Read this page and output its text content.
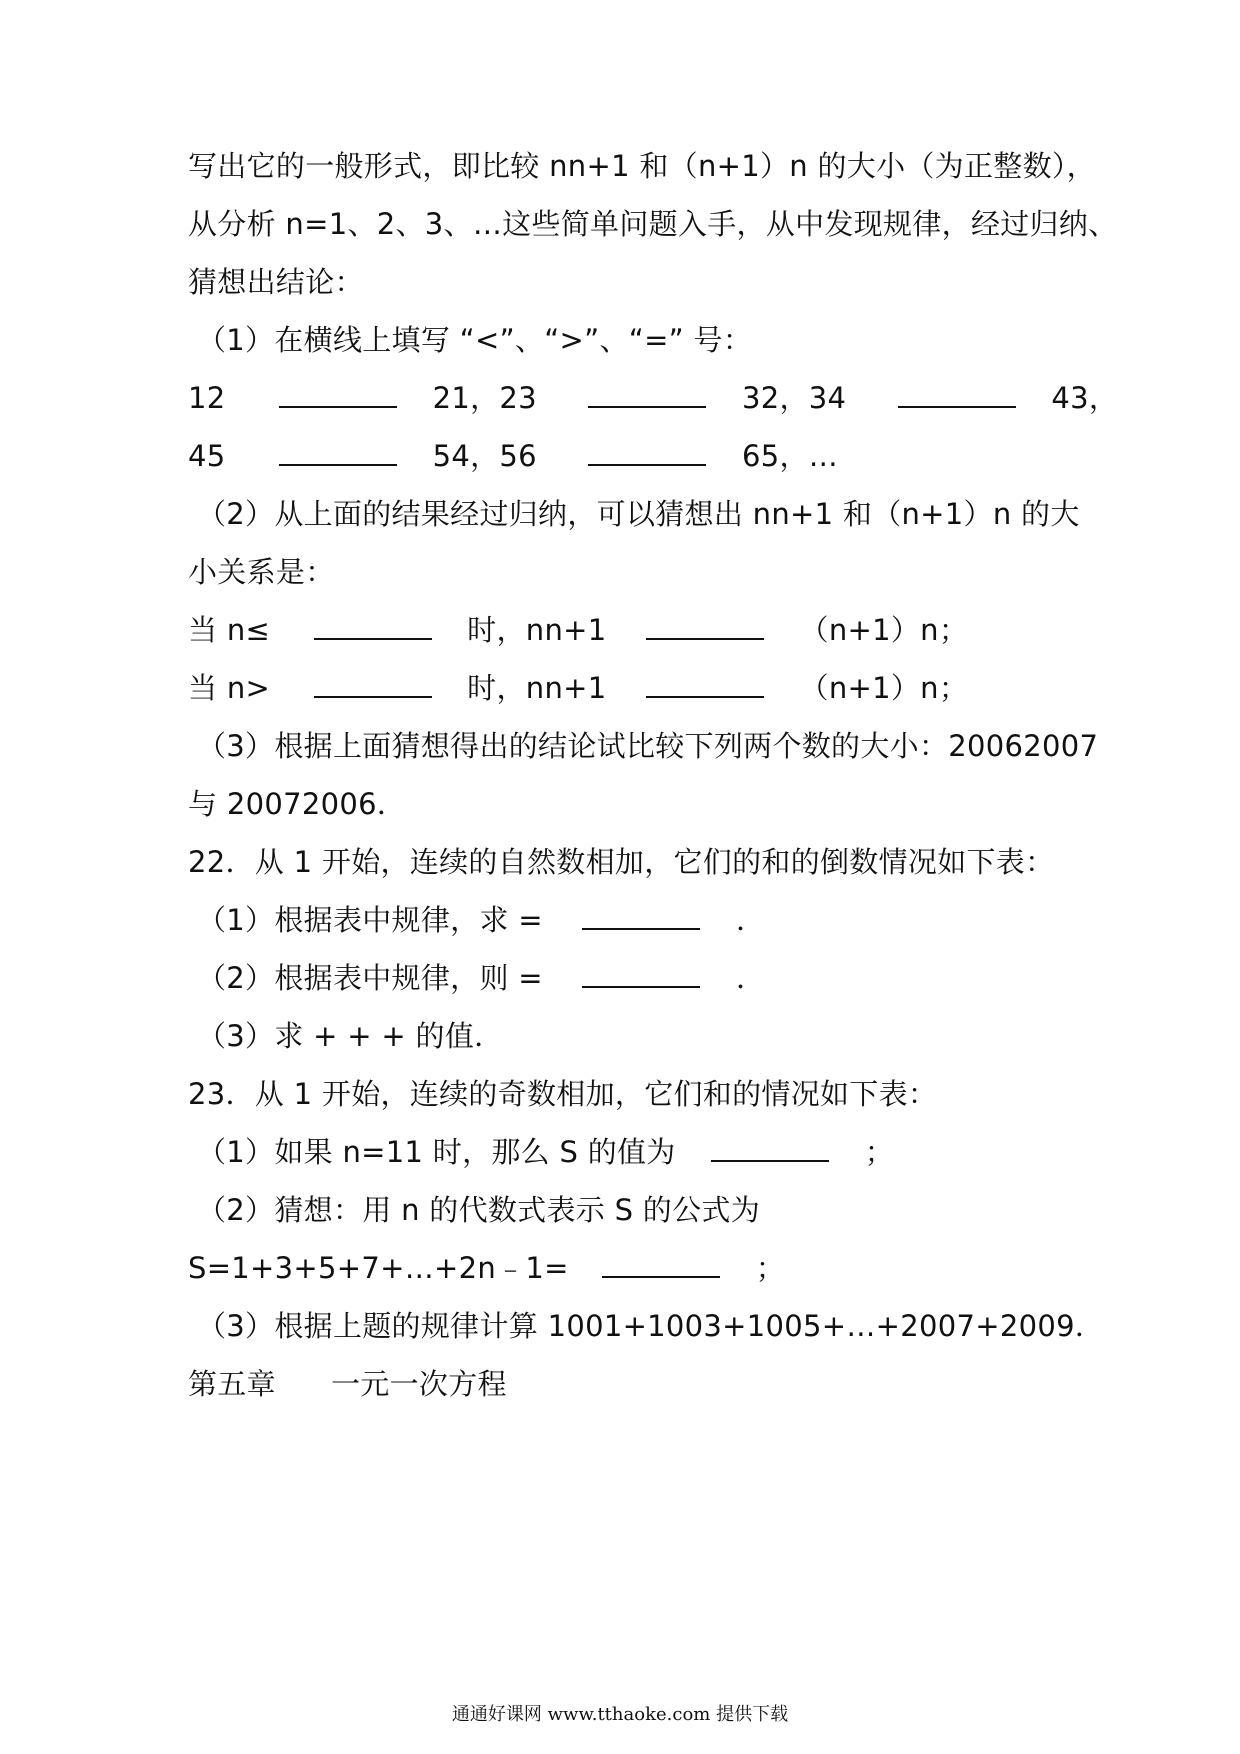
写出它的一般形式，即比较 nn+1 和（n+1）n 的大小（为正整数），
从分析 n=1、2、3、…这些简单问题入手，从中发现规律，经过归纳、
猜想出结论：
（1）在横线上填写 “<”、“>”、“=” 号：
12	21，23	32，34	43，
45	54，56	65，…
（2）从上面的结果经过归纳，可以猜想出 nn+1 和（n+1）n 的大
小关系是：
当 n≤	时，nn+1	（n+1）n；
当 n>	时，nn+1	（n+1）n；
（3）根据上面猜想得出的结论试比较下列两个数的大小：20062007
与 20072006．
22．从 1 开始，连续的自然数相加，它们的和的倒数情况如下表：
（1）根据表中规律，求 =	．
（2）根据表中规律，则 =	．
（3）求 + + + 的值．
23．从 1 开始，连续的奇数相加，它们和的情况如下表：
（1）如果 n=11 时，那么 S 的值为	；
（2）猜想：用 n 的代数式表示 S 的公式为
S=1+3+5+7+…+2n﹣1=	；
（3）根据上题的规律计算 1001+1003+1005+…+2007+2009．
第五章 一元一次方程
通通好课网 www.tthaoke.com 提供下载
